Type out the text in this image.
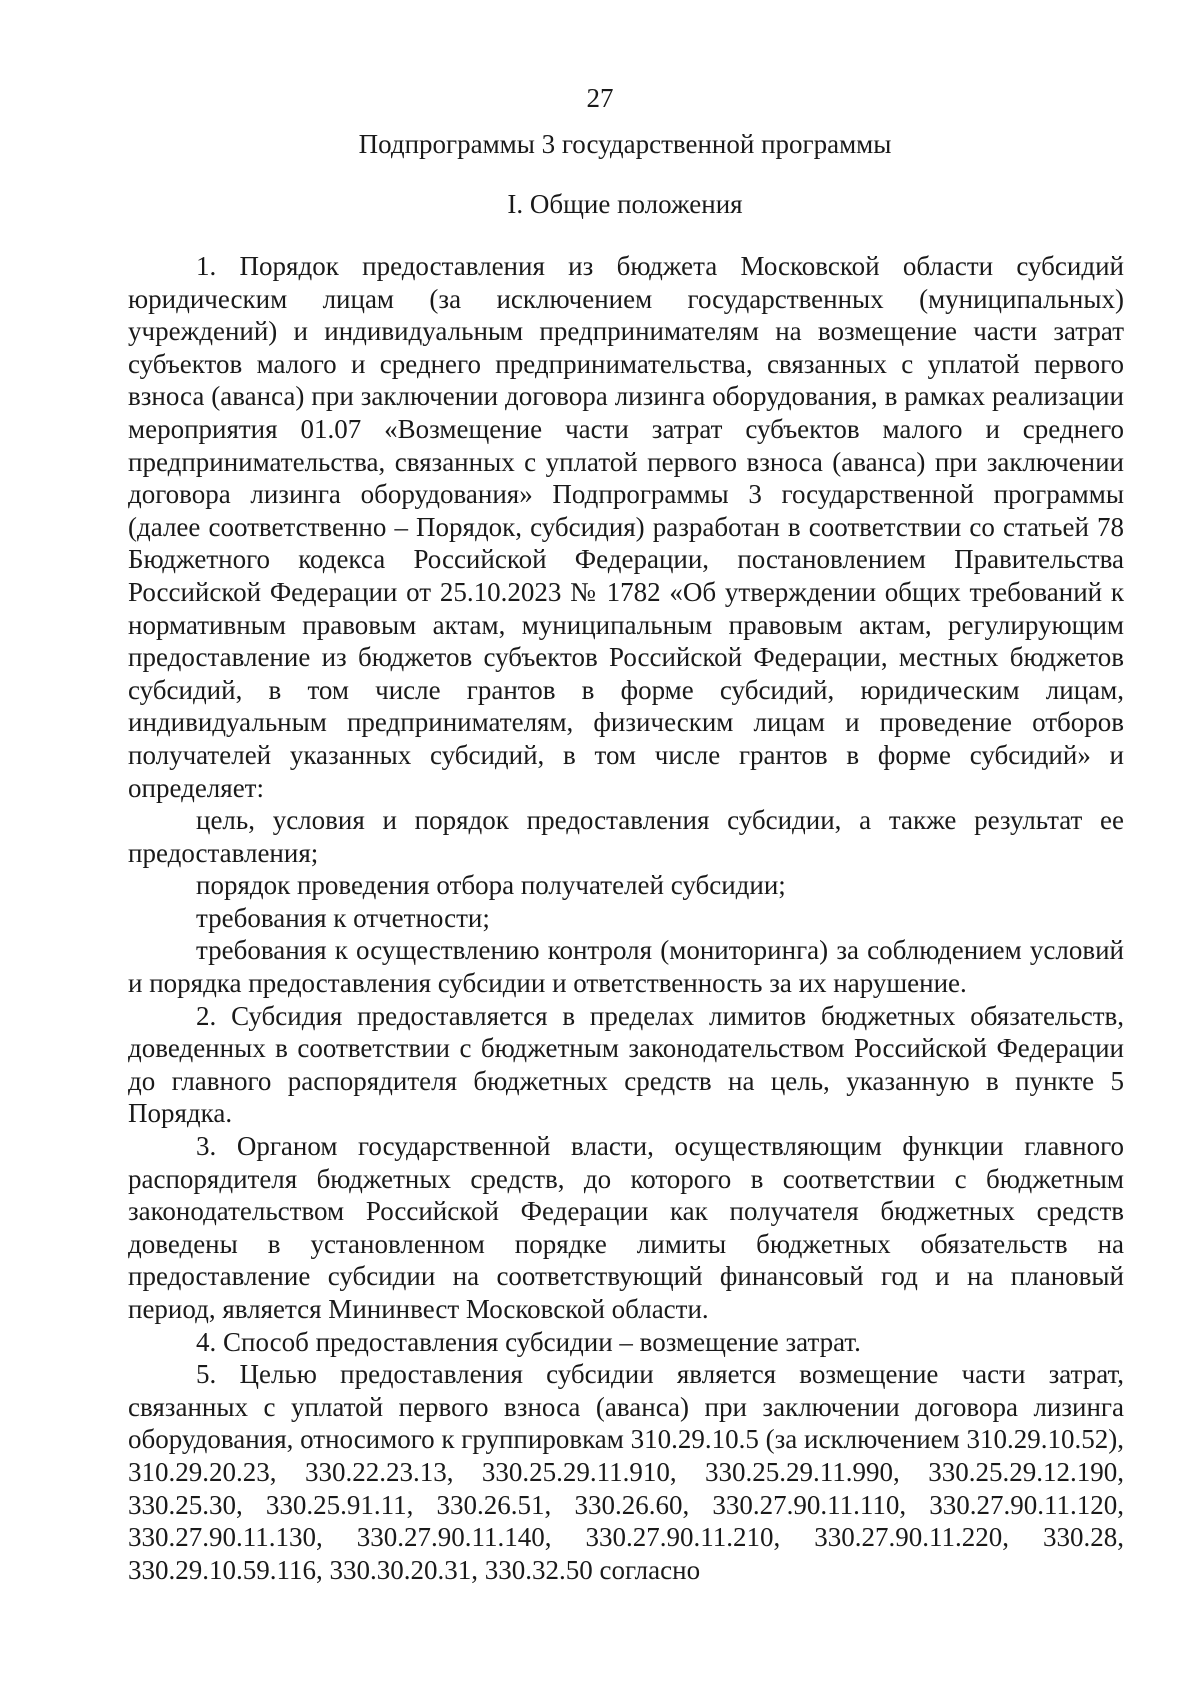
27
Подпрограммы 3 государственной программы
I. Общие положения

1. Порядок предоставления из бюджета Московской области субсидий юридическим лицам (за исключением государственных (муниципальных) учреждений) и индивидуальным предпринимателям на возмещение части затрат субъектов малого и среднего предпринимательства, связанных с уплатой первого взноса (аванса) при заключении договора лизинга оборудования, в рамках реализации мероприятия 01.07 «Возмещение части затрат субъектов малого и среднего предпринимательства, связанных с уплатой первого взноса (аванса) при заключении договора лизинга оборудования» Подпрограммы 3 государственной программы (далее соответственно – Порядок, субсидия) разработан в соответствии со статьей 78 Бюджетного кодекса Российской Федерации, постановлением Правительства Российской Федерации от 25.10.2023 № 1782 «Об утверждении общих требований к нормативным правовым актам, муниципальным правовым актам, регулирующим предоставление из бюджетов субъектов Российской Федерации, местных бюджетов субсидий, в том числе грантов в форме субсидий, юридическим лицам, индивидуальным предпринимателям, физическим лицам и проведение отборов получателей указанных субсидий, в том числе грантов в форме субсидий» и определяет:

цель, условия и порядок предоставления субсидии, а также результат ее предоставления;

порядок проведения отбора получателей субсидии;

требования к отчетности;

требования к осуществлению контроля (мониторинга) за соблюдением условий и порядка предоставления субсидии и ответственность за их нарушение.

2. Субсидия предоставляется в пределах лимитов бюджетных обязательств, доведенных в соответствии с бюджетным законодательством Российской Федерации до главного распорядителя бюджетных средств на цель, указанную в пункте 5 Порядка.

3. Органом государственной власти, осуществляющим функции главного распорядителя бюджетных средств, до которого в соответствии с бюджетным законодательством Российской Федерации как получателя бюджетных средств доведены в установленном порядке лимиты бюджетных обязательств на предоставление субсидии на соответствующий финансовый год и на плановый период, является Мининвест Московской области.

4. Способ предоставления субсидии – возмещение затрат.

5. Целью предоставления субсидии является возмещение части затрат, связанных с уплатой первого взноса (аванса) при заключении договора лизинга оборудования, относимого к группировкам 310.29.10.5 (за исключением 310.29.10.52), 310.29.20.23, 330.22.23.13, 330.25.29.11.910, 330.25.29.11.990, 330.25.29.12.190, 330.25.30, 330.25.91.11, 330.26.51, 330.26.60, 330.27.90.11.110, 330.27.90.11.120, 330.27.90.11.130, 330.27.90.11.140, 330.27.90.11.210, 330.27.90.11.220, 330.28, 330.29.10.59.116, 330.30.20.31, 330.32.50 согласно
